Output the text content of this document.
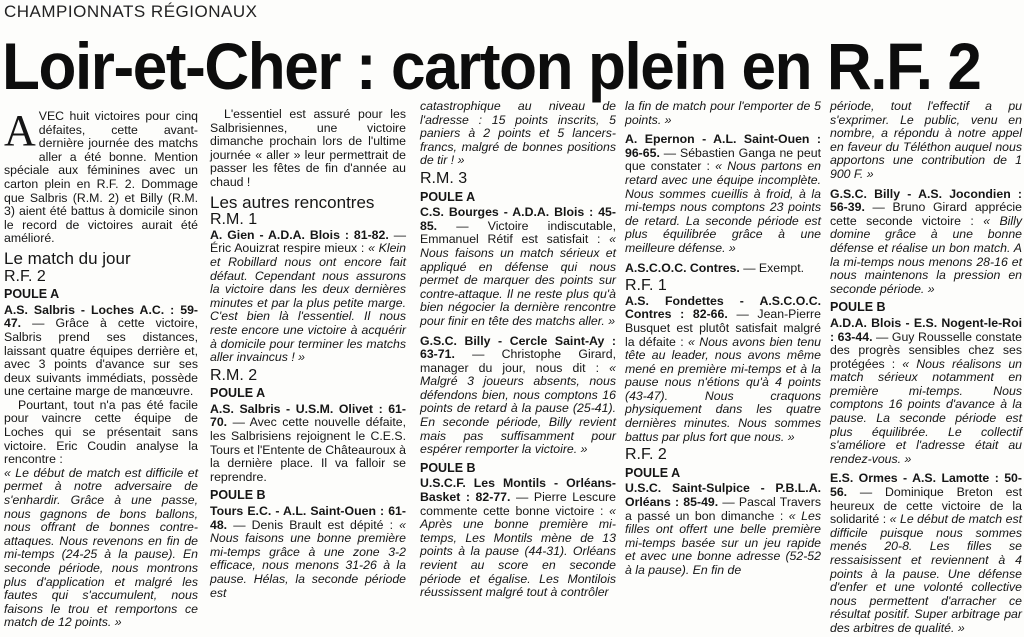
CHAMPIONNATS RÉGIONAUX
Loir-et-Cher : carton plein en R.F. 2

AVEC huit victoires pour cinq défaites, cette avant-dernière journée des matchs aller a été bonne. Mention spéciale aux féminines avec un carton plein en R.F. 2. Dommage que Salbris (R.M. 2) et Billy (R.M. 3) aient été battus à domicile sinon le record de victoires aurait été amélioré.

Le match du jour
R.F. 2
POULE A

A.S. Salbris - Loches A.C. : 59-47. — Grâce à cette victoire, Salbris prend ses distances, laissant quatre équipes derrière et, avec 3 points d'avance sur ses deux suivants immédiats, possède une certaine marge de manœuvre.

Pourtant, tout n'a pas été facile pour vaincre cette équipe de Loches qui se présentait sans victoire. Eric Coudin analyse la rencontre :

« Le début de match est difficile et permet à notre adversaire de s'enhardir. Grâce à une passe, nous gagnons de bons ballons, nous offrant de bonnes contre-attaques. Nous revenons en fin de mi-temps (24-25 à la pause). En seconde période, nous montrons plus d'application et malgré les fautes qui s'accumulent, nous faisons le trou et remportons ce match de 12 points. »

L'essentiel est assuré pour les Salbrisiennes, une victoire dimanche prochain lors de l'ultime journée « aller » leur permettrait de passer les fêtes de fin d'année au chaud !

Les autres rencontres
R.M. 1

A. Gien - A.D.A. Blois : 81-82. — Éric Aouizrat respire mieux : « Klein et Robillard nous ont encore fait défaut. Cependant nous assurons la victoire dans les deux dernières minutes et par la plus petite marge. C'est bien là l'essentiel. Il nous reste encore une victoire à acquérir à domicile pour terminer les matchs aller invaincus ! »

R.M. 2
POULE A

A.S. Salbris - U.S.M. Olivet : 61-70. — Avec cette nouvelle défaite, les Salbrisiens rejoignent le C.E.S. Tours et l'Entente de Châteauroux à la dernière place. Il va falloir se reprendre.

POULE B

Tours E.C. - A.L. Saint-Ouen : 61-48. — Denis Brault est dépité : « Nous faisons une bonne première mi-temps grâce à une zone 3-2 efficace, nous menons 31-26 à la pause. Hélas, la seconde période est

catastrophique au niveau de l'adresse : 15 points inscrits, 5 paniers à 2 points et 5 lancers-francs, malgré de bonnes positions de tir ! »

R.M. 3
POULE A

C.S. Bourges - A.D.A. Blois : 45-85. — Victoire indiscutable, Emmanuel Rétif est satisfait : « Nous faisons un match sérieux et appliqué en défense qui nous permet de marquer des points sur contre-attaque. Il ne reste plus qu'à bien négocier la dernière rencontre pour finir en tête des matchs aller. »

G.S.C. Billy - Cercle Saint-Ay : 63-71. — Christophe Girard, manager du jour, nous dit : « Malgré 3 joueurs absents, nous défendons bien, nous comptons 16 points de retard à la pause (25-41). En seconde période, Billy revient mais pas suffisamment pour espérer remporter la victoire. »

POULE B

U.S.C.F. Les Montils - Orléans-Basket : 82-77. — Pierre Lescure commente cette bonne victoire : « Après une bonne première mi-temps, Les Montils mène de 13 points à la pause (44-31). Orléans revient au score en seconde période et égalise. Les Montilois réussissent malgré tout à contrôler

la fin de match pour l'emporter de 5 points. »

A. Epernon - A.L. Saint-Ouen : 96-65. — Sébastien Ganga ne peut que constater : « Nous partons en retard avec une équipe incomplète. Nous sommes cueillis à froid, à la mi-temps nous comptons 23 points de retard. La seconde période est plus équilibrée grâce à une meilleure défense. »

A.S.C.O.C. Contres. — Exempt.

R.F. 1

A.S. Fondettes - A.S.C.O.C. Contres : 82-66. — Jean-Pierre Busquet est plutôt satisfait malgré la défaite : « Nous avons bien tenu tête au leader, nous avons même mené en première mi-temps et à la pause nous n'étions qu'à 4 points (43-47). Nous craquons physiquement dans les quatre dernières minutes. Nous sommes battus par plus fort que nous. »

R.F. 2
POULE A

U.S.C. Saint-Sulpice - P.B.L.A. Orléans : 85-49. — Pascal Travers a passé un bon dimanche : « Les filles ont offert une belle première mi-temps basée sur un jeu rapide et avec une bonne adresse (52-52 à la pause). En fin de

période, tout l'effectif a pu s'exprimer. Le public, venu en nombre, a répondu à notre appel en faveur du Téléthon auquel nous apportons une contribution de 1 900 F. »

G.S.C. Billy - A.S. Jocondien : 56-39. — Bruno Girard apprécie cette seconde victoire : « Billy domine grâce à une bonne défense et réalise un bon match. A la mi-temps nous menons 28-16 et nous maintenons la pression en seconde période. »

POULE B

A.D.A. Blois - E.S. Nogent-le-Roi : 63-44. — Guy Rousselle constate des progrès sensibles chez ses protégées : « Nous réalisons un match sérieux notamment en première mi-temps. Nous comptons 16 points d'avance à la pause. La seconde période est plus équilibrée. Le collectif s'améliore et l'adresse était au rendez-vous. »

E.S. Ormes - A.S. Lamotte : 50-56. — Dominique Breton est heureux de cette victoire de la solidarité : « Le début de match est difficile puisque nous sommes menés 20-8. Les filles se ressaisissent et reviennent à 4 points à la pause. Une défense d'enfer et une volonté collective nous permettent d'arracher ce résultat positif. Super arbitrage par des arbitres de qualité. »
